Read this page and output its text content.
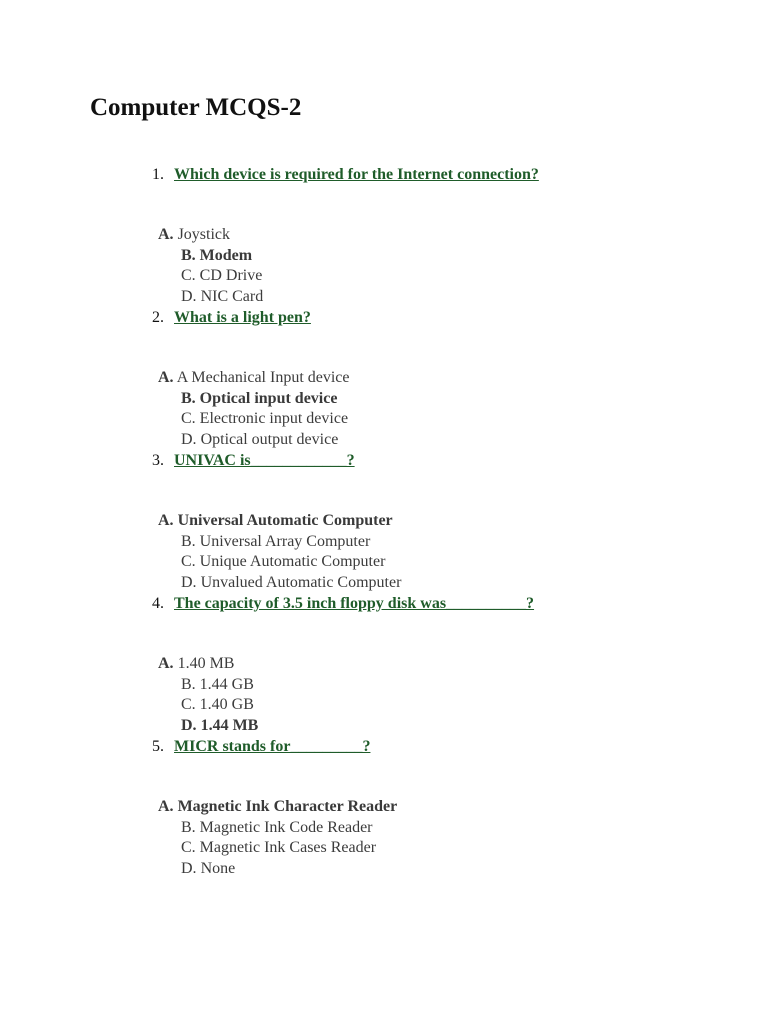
Computer MCQS-2
1. Which device is required for the Internet connection?
A. Joystick
B. Modem
C. CD Drive
D. NIC Card
2. What is a light pen?
A. A Mechanical Input device
B. Optical input device
C. Electronic input device
D. Optical output device
3. UNIVAC is____________?
A. Universal Automatic Computer
B. Universal Array Computer
C. Unique Automatic Computer
D. Unvalued Automatic Computer
4. The capacity of 3.5 inch floppy disk was__________?
A. 1.40 MB
B. 1.44 GB
C. 1.40 GB
D. 1.44 MB
5. MICR stands for_________?
A. Magnetic Ink Character Reader
B. Magnetic Ink Code Reader
C. Magnetic Ink Cases Reader
D. None
